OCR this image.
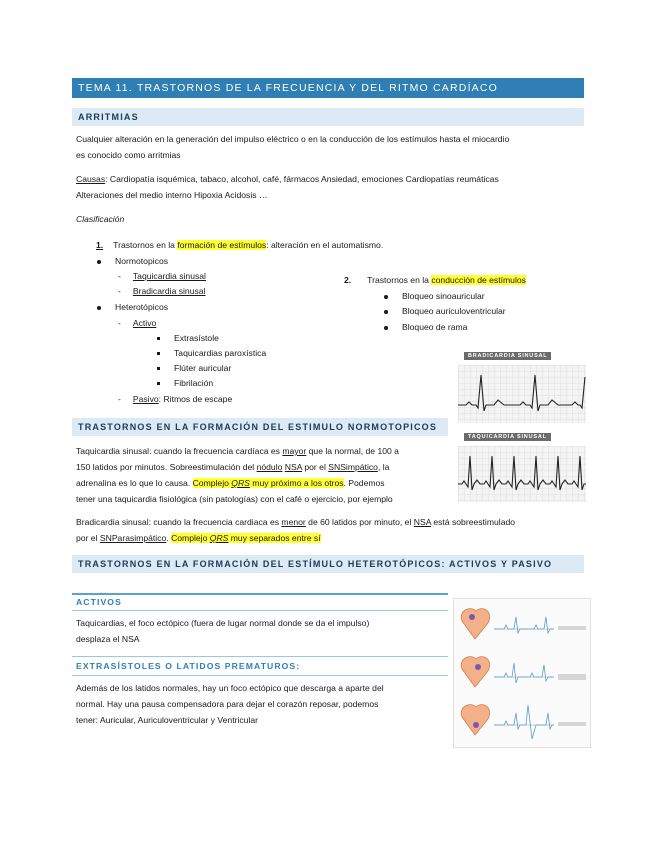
TEMA 11. TRASTORNOS DE LA FRECUENCIA Y DEL RITMO CARDÍACO
ARRITMIAS
Cualquier alteración en la generación del impulso eléctrico o en la conducción de los estímulos hasta el miocardio
es conocido como arritmias
Causas: Cardiopatía isquémica, tabaco, alcohol, café, fármacos Ansiedad, emociones Cardiopatías reumáticas
Alteraciones del medio interno Hipoxia Acidosis …
Clasificación
1. Trastornos en la formación de estímulos: alteración en el automatismo.
Normotopicos
- Taquicardia sinusal
- Bradicardia sinusal
Heterotópicos
- Activo
Extrasístole
Taquicardias paroxística
Flúter auricular
Fibrilación
- Pasivo: Ritmos de escape
2. Trastornos en la conducción de estímulos
Bloqueo sinoauricular
Bloqueo auriculoventricular
Bloqueo de rama
BRADICARDIA SINUSAL
TAQUICARDIA SINUSAL
TRASTORNOS EN LA FORMACIÓN DEL ESTIMULO NORMOTOPICOS
Taquicardia sinusal: cuando la frecuencia cardíaca es mayor que la normal, de 100 a
150 latidos por minutos. Sobreestimulación del nódulo NSA por el SNSimpático, la
adrenalina es lo que lo causa. Complejo QRS muy próximo a los otros. Podemos
tener una taquicardia fisiológica (sin patologías) con el café o ejercicio, por ejemplo
Bradicardia sinusal: cuando la frecuencia cardiaca es menor de 60 latidos por minuto, el NSA está sobreestimulado
por el SNParasimpático. Complejo QRS muy separados entre sí
TRASTORNOS EN LA FORMACIÓN DEL ESTÍMULO HETEROTÓPICOS: ACTIVOS Y PASIVO
ACTIVOS
Taquicardias, el foco ectópico (fuera de lugar normal donde se da el impulso)
desplaza el NSA
EXTRASÍSTOLES O LATIDOS PREMATUROS:
Además de los latidos normales, hay un foco ectópico que descarga a aparte del
normal. Hay una pausa compensadora para dejar el corazón reposar, podemos
tener: Auricular, Auriculoventricular y Ventricular
